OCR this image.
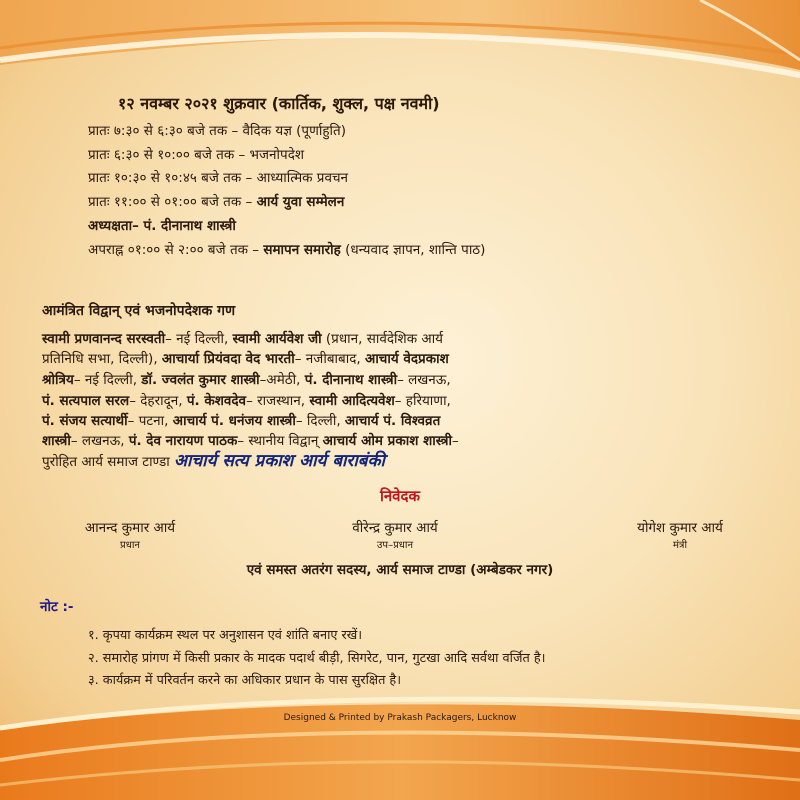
१२ नवम्बर २०२१ शुक्रवार (कार्तिक, शुक्ल, पक्ष नवमी)
प्रातः ७:३० से ६:३० बजे तक – वैदिक यज्ञ (पूर्णाहुति)
प्रातः ६:३० से १०:०० बजे तक – भजनोपदेश
प्रातः १०:३० से १०:४५ बजे तक – आध्यात्मिक प्रवचन
प्रातः ११:०० से ०१:०० बजे तक – आर्य युवा सम्मेलन
अध्यक्षता– पं. दीनानाथ शास्त्री
अपराह्न ०१:०० से २:०० बजे तक – समापन समारोह (धन्यवाद ज्ञापन, शान्ति पाठ)
आमंत्रित विद्वान् एवं भजनोपदेशक गण
स्वामी प्रणवानन्द सरस्वती– नई दिल्ली, स्वामी आर्यवेश जी (प्रधान, सार्वदेशिक आर्य
प्रतिनिधि सभा, दिल्ली), आचार्या प्रियंवदा वेद भारती– नजीबाबाद, आचार्य वेदप्रकाश
श्रोत्रिय– नई दिल्ली, डॉ. ज्वलंत कुमार शास्त्री–अमेठी, पं. दीनानाथ शास्त्री– लखनऊ,
पं. सत्यपाल सरल– देहरादून, पं. केशवदेव– राजस्थान, स्वामी आदित्यवेश– हरियाणा,
पं. संजय सत्यार्थी– पटना, आचार्य पं. धनंजय शास्त्री– दिल्ली, आचार्य पं. विश्वव्रत
शास्त्री– लखनऊ, पं. देव नारायण पाठक– स्थानीय विद्वान् आचार्य ओम प्रकाश शास्त्री–
पुरोहित आर्य समाज टाण्डा आचार्य सत्य प्रकाश आर्य बाराबंकी
निवेदक
आनन्द कुमार आर्य
प्रधान
वीरेन्द्र कुमार आर्य
उप–प्रधान
योगेश कुमार आर्य
मंत्री
एवं समस्त अतरंग सदस्य, आर्य समाज टाण्डा (अम्बेडकर नगर)
नोट :-
१. कृपया कार्यक्रम स्थल पर अनुशासन एवं शांति बनाए रखें।
२. समारोह प्रांगण में किसी प्रकार के मादक पदार्थ बीड़ी, सिगरेट, पान, गुटखा आदि सर्वथा वर्जित है।
३. कार्यक्रम में परिवर्तन करने का अधिकार प्रधान के पास सुरक्षित है।
Designed & Printed by Prakash Packagers, Lucknow
